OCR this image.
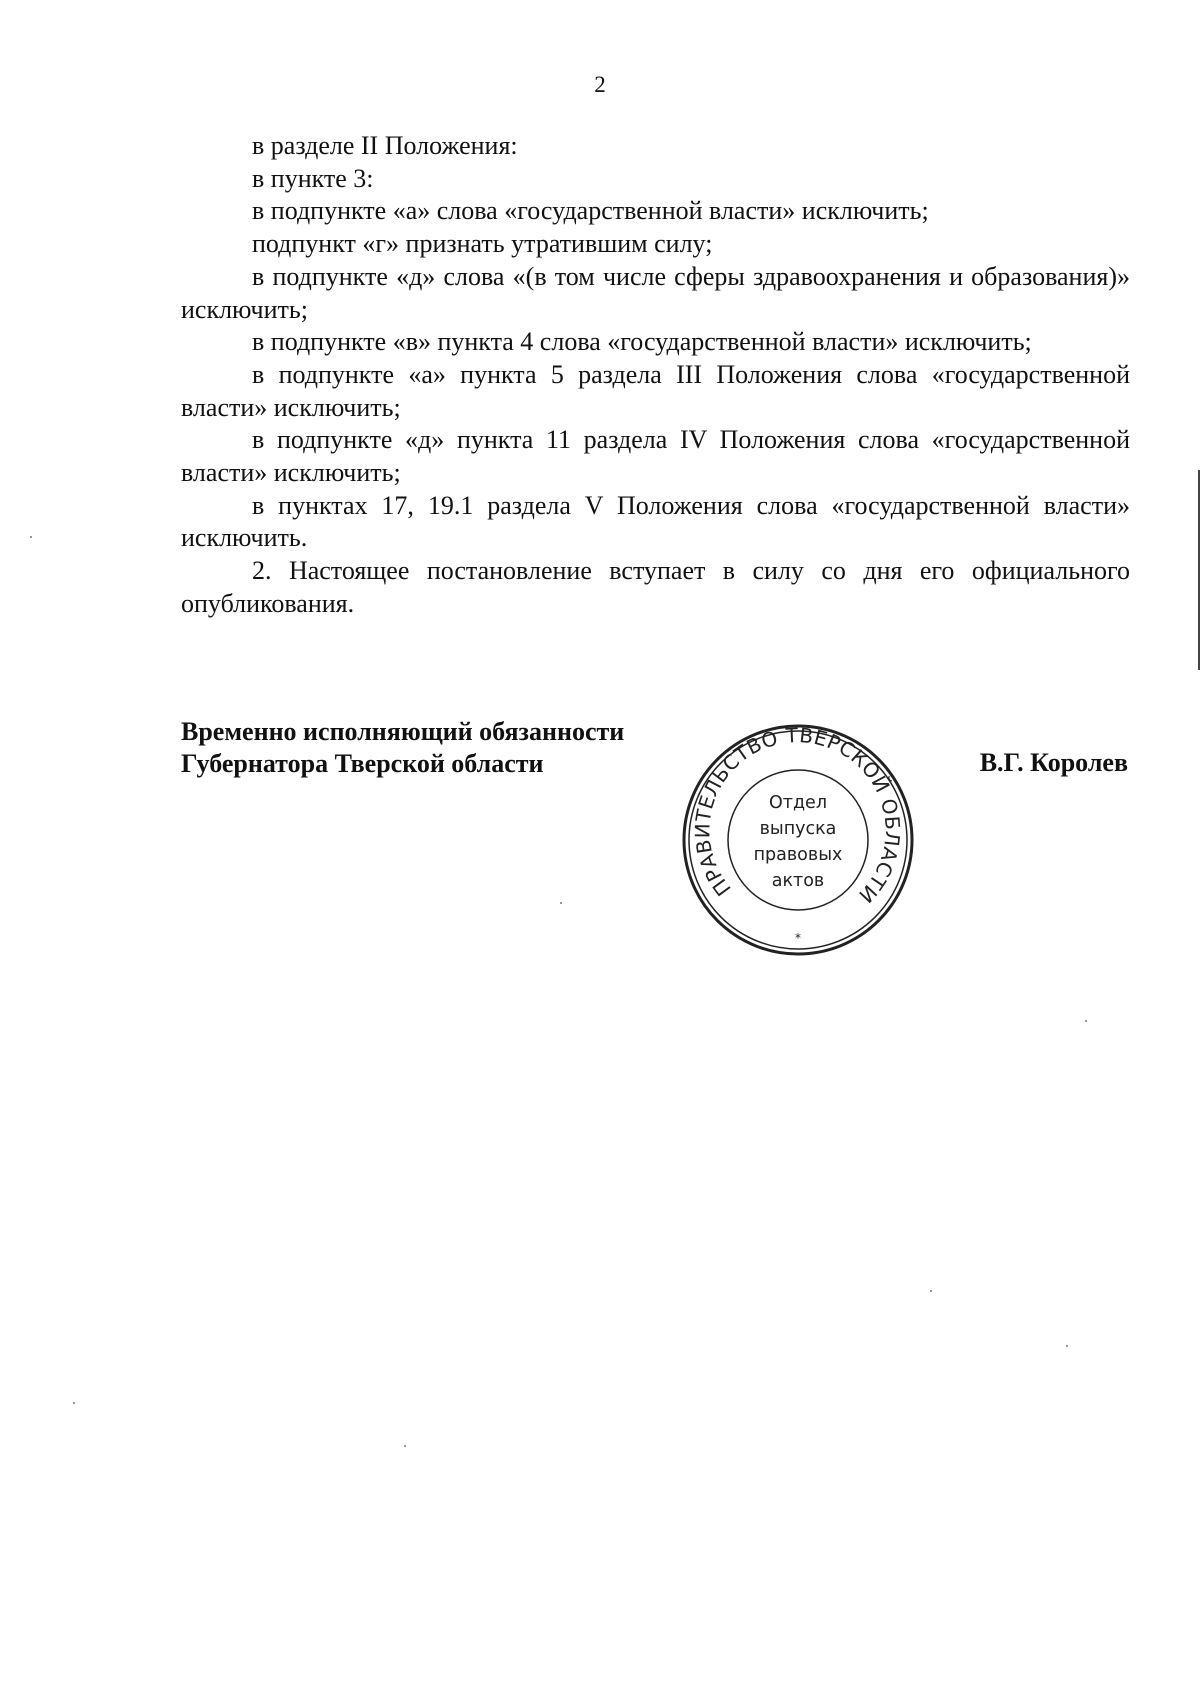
2

в разделе II Положения:

в пункте 3:

в подпункте «а» слова «государственной власти» исключить;

подпункт «г» признать утратившим силу;

в подпункте «д» слова «(в том числе сферы здравоохранения и образования)» исключить;

в подпункте «в» пункта 4 слова «государственной власти» исключить;

в подпункте «а» пункта 5 раздела III Положения слова «государственной власти» исключить;

в подпункте «д» пункта 11 раздела IV Положения слова «государственной власти» исключить;

в пунктах 17, 19.1 раздела V Положения слова «государственной власти» исключить.

2. Настоящее постановление вступает в силу со дня его официального опубликования.

Временно исполняющий обязанности
Губернатора Тверской области	В.Г. Королев
ПРАВИТЕЛЬСТВО ТВЕРСКОЙ ОБЛАСТИ
Отдел
выпуска
правовых
актов
*
